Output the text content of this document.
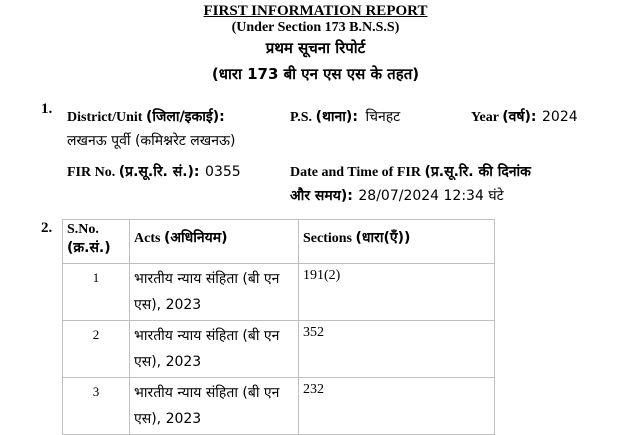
FIRST INFORMATION REPORT
(Under Section 173 B.N.S.S)
प्रथम सूचना रिपोर्ट
(धारा 173 बी एन एस एस के तहत)
1.
District/Unit (जिला/इकाई):
लखनऊ पूर्वी (कमिश्नरेट लखनऊ)
P.S. (थाना): चिनहट	Year (वर्ष): 2024
FIR No. (प्र.सू.रि. सं.): 0355	Date and Time of FIR (प्र.सू.रि. की दिनांक
और समय): 28/07/2024 12:34 घंटे
2. S.No.
(क्र.सं.)	Acts (अधिनियम)	Sections (धारा(एँ))
1	भारतीय न्याय संहिता (बी एन एस), 2023	191(2)
2	भारतीय न्याय संहिता (बी एन एस), 2023	352
3	भारतीय न्याय संहिता (बी एन एस), 2023	232
